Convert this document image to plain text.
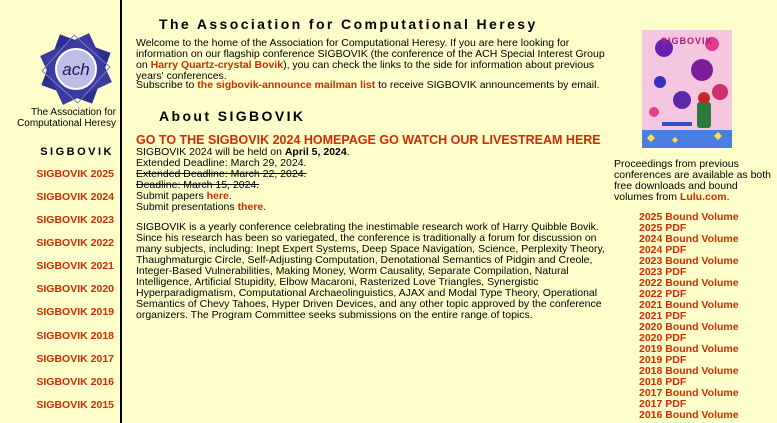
ach
The Association for
Computational Heresy
SIGBOVIK
SIGBOVIK 2025
SIGBOVIK 2024
SIGBOVIK 2023
SIGBOVIK 2022
SIGBOVIK 2021
SIGBOVIK 2020
SIGBOVIK 2019
SIGBOVIK 2018
SIGBOVIK 2017
SIGBOVIK 2016
SIGBOVIK 2015
The Association for Computational Heresy

Welcome to the home of the Association for Computational Heresy. If you are here looking for information on our flagship conference SIGBOVIK (the conference of the ACH Special Interest Group on Harry Quartz-crystal Bovik), you can check the links to the side for information about previous years' conferences.

Subscribe to the sigbovik-announce mailman list to receive SIGBOVIK announcements by email.

About SIGBOVIK
GO TO THE SIGBOVIK 2024 HOMEPAGE GO WATCH OUR LIVESTREAM HERE
SIGBOVIK 2024 will be held on April 5, 2024.
Extended Deadline: March 29, 2024.
Extended Deadline: March 22, 2024.
Deadline: March 15, 2024.
Submit papers here.
Submit presentations there.

SIGBOVIK is a yearly conference celebrating the inestimable research work of Harry Quibble Bovik. Since his research has been so variegated, the conference is traditionally a forum for discussion on many subjects, including: Inept Expert Systems, Deep Space Navigation, Science, Perplexity Theory, Thaughmaturgic Circle, Self-Adjusting Computation, Denotational Semantics of Pidgin and Creole, Integer-Based Vulnerabilities, Making Money, Worm Causality, Separate Compilation, Natural Intelligence, Artificial Stupidity, Elbow Macaroni, Rasterized Love Triangles, Synergistic Hyperparadigmatism, Computational Archaeolinguistics, AJAX and Modal Type Theory, Operational Semantics of Chevy Tahoes, Hyper Driven Devices, and any other topic approved by the conference organizers. The Program Committee seeks submissions on the entire range of topics.

SIGBOVIK

Proceedings from previous conferences are available as both free downloads and bound volumes from Lulu.com.

2025 Bound Volume
2025 PDF
2024 Bound Volume
2024 PDF
2023 Bound Volume
2023 PDF
2022 Bound Volume
2022 PDF
2021 Bound Volume
2021 PDF
2020 Bound Volume
2020 PDF
2019 Bound Volume
2019 PDF
2018 Bound Volume
2018 PDF
2017 Bound Volume
2017 PDF
2016 Bound Volume
